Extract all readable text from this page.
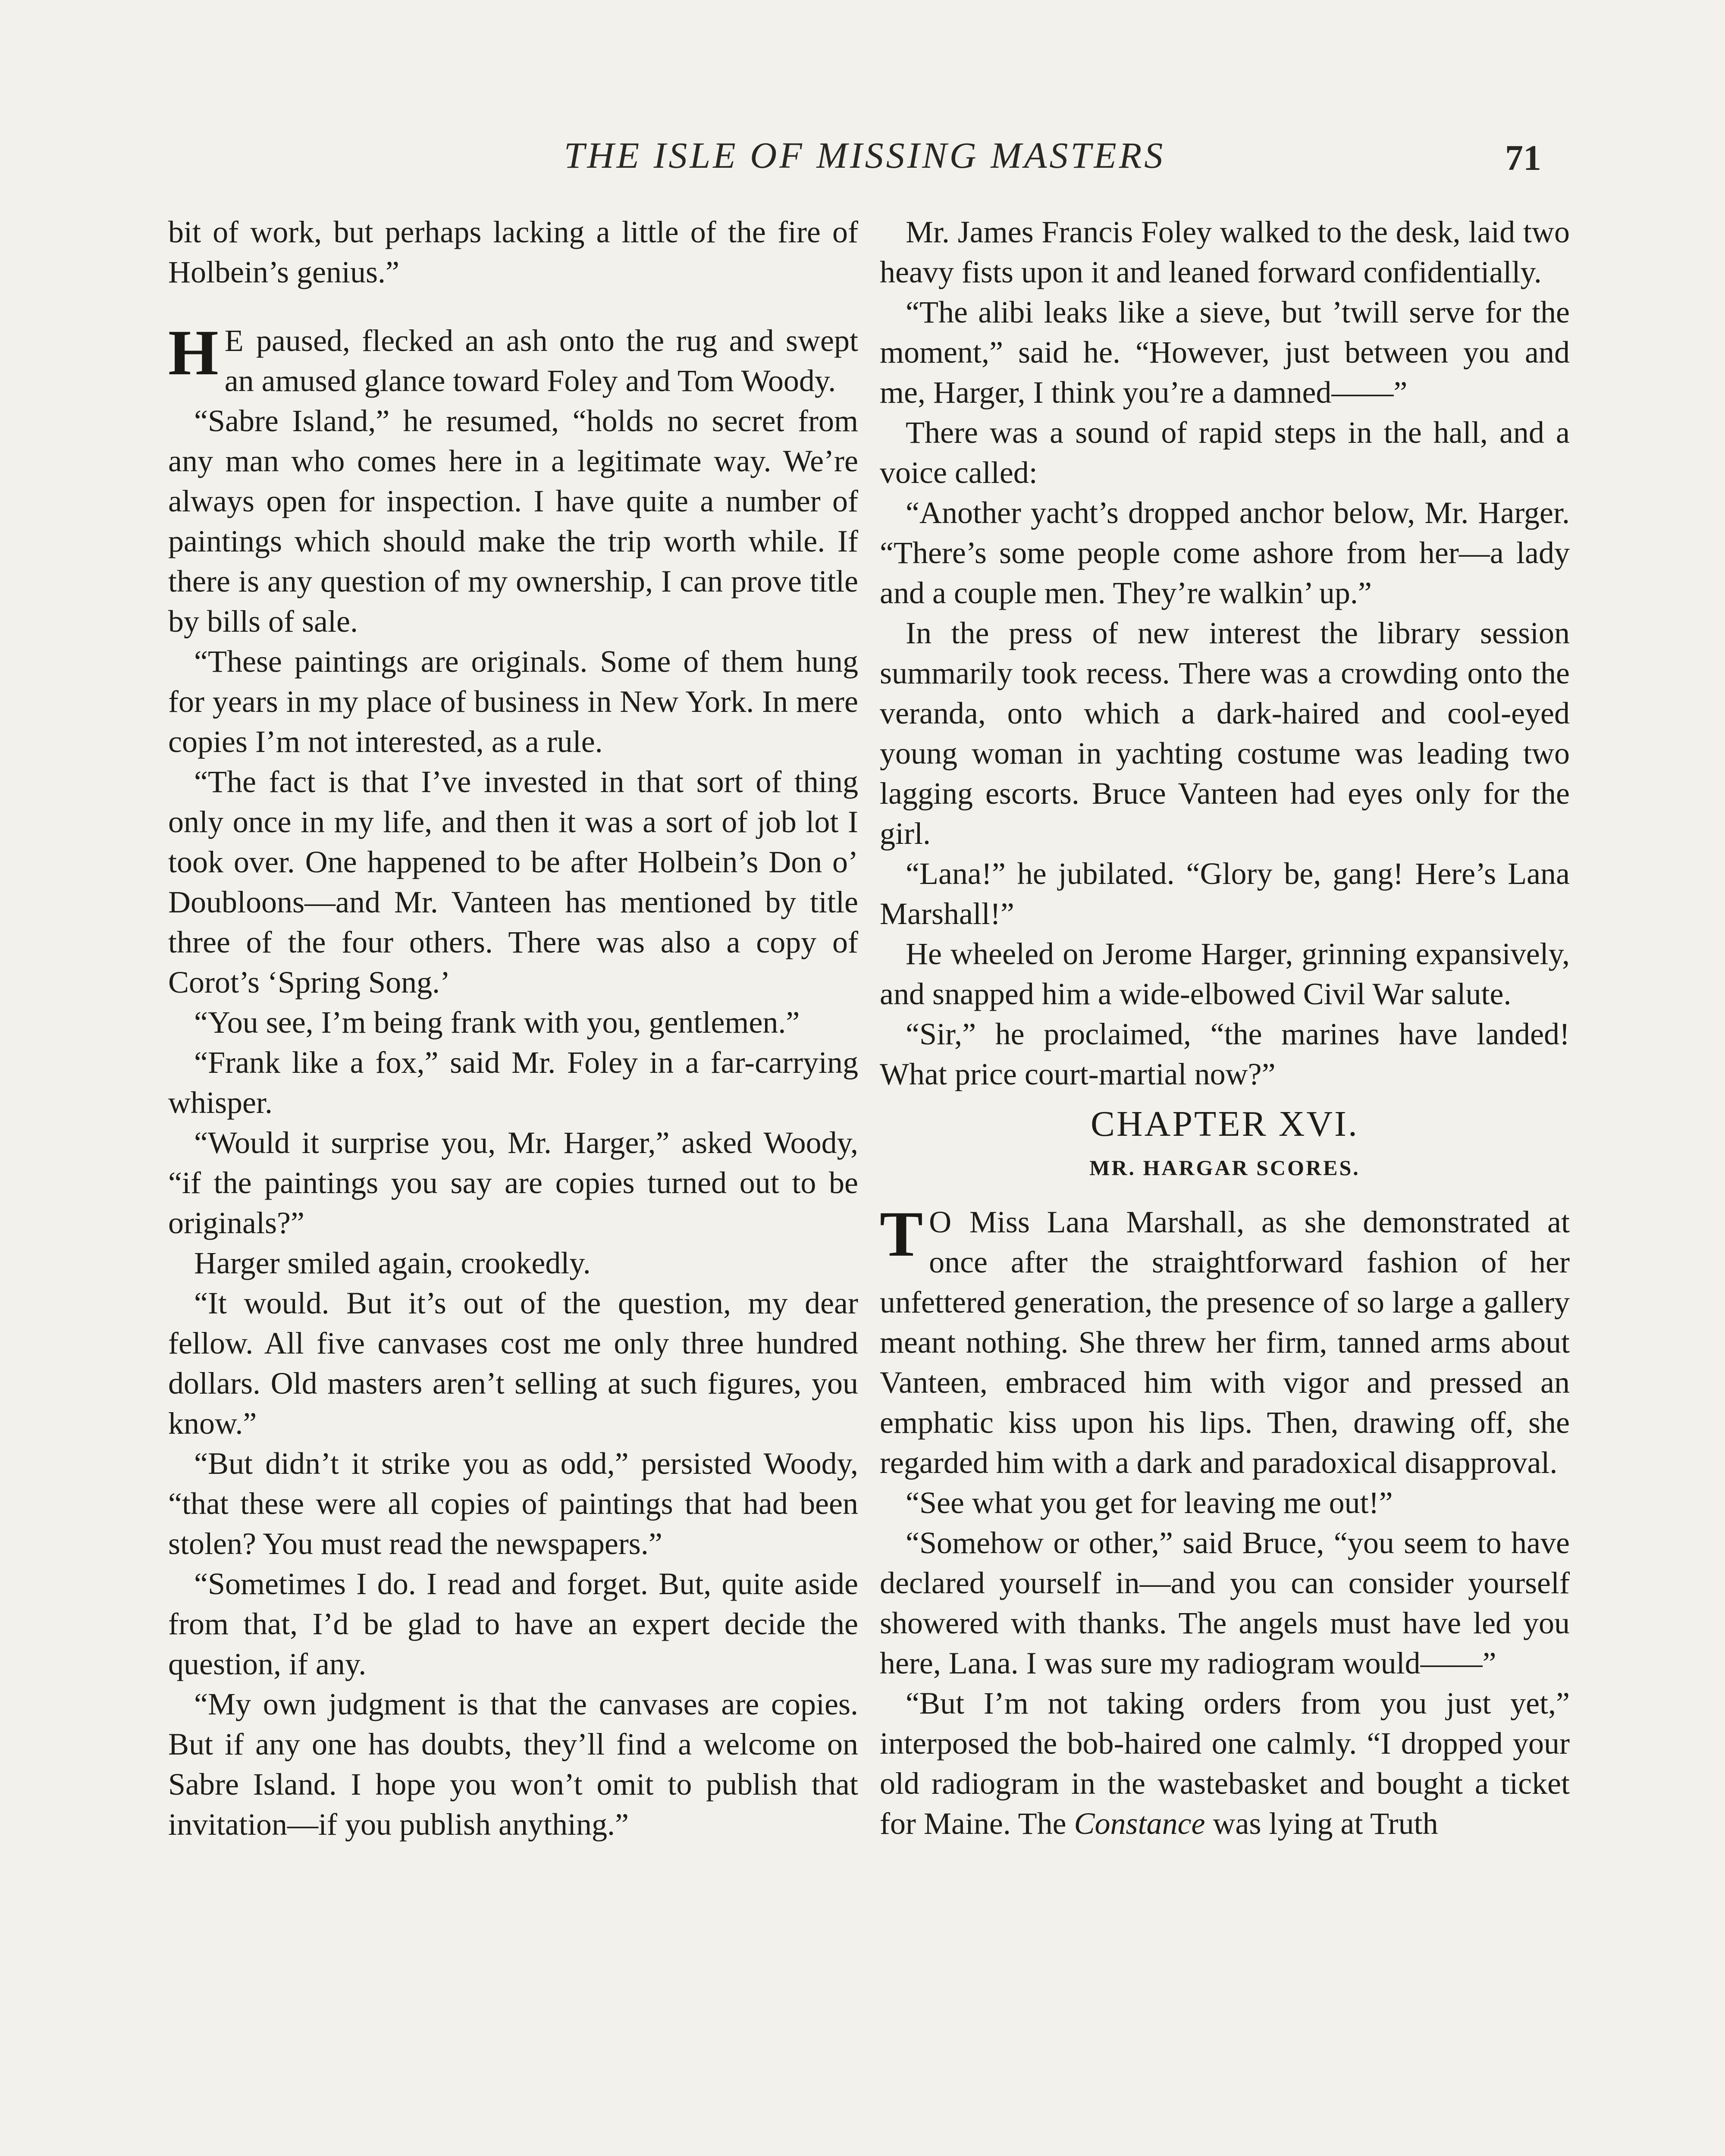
THE ISLE OF MISSING MASTERS	71

bit of work, but perhaps lacking a little of the fire of Holbein’s genius.”

H E paused, flecked an ash onto the rug and swept an amused glance toward Foley and Tom Woody.

“Sabre Island,” he resumed, “holds no secret from any man who comes here in a legitimate way. We’re always open for inspection. I have quite a number of paintings which should make the trip worth while. If there is any question of my ownership, I can prove title by bills of sale.

“These paintings are originals. Some of them hung for years in my place of business in New York. In mere copies I’m not interested, as a rule.

“The fact is that I’ve invested in that sort of thing only once in my life, and then it was a sort of job lot I took over. One happened to be after Holbein’s Don o’ Doubloons—and Mr. Vanteen has mentioned by title three of the four others. There was also a copy of Corot’s ‘Spring Song.’

“You see, I’m being frank with you, gentlemen.”

“Frank like a fox,” said Mr. Foley in a far-carrying whisper.

“Would it surprise you, Mr. Harger,” asked Woody, “if the paintings you say are copies turned out to be originals?”

Harger smiled again, crookedly.

“It would. But it’s out of the question, my dear fellow. All five canvases cost me only three hundred dollars. Old masters aren’t selling at such figures, you know.”

“But didn’t it strike you as odd,” persisted Woody, “that these were all copies of paintings that had been stolen? You must read the newspapers.”

“Sometimes I do. I read and forget. But, quite aside from that, I’d be glad to have an expert decide the question, if any.

“My own judgment is that the canvases are copies. But if any one has doubts, they’ll find a welcome on Sabre Island. I hope you won’t omit to publish that invitation—if you publish anything.”

Mr. James Francis Foley walked to the desk, laid two heavy fists upon it and leaned forward confidentially.

“The alibi leaks like a sieve, but ’twill serve for the moment,” said he. “However, just between you and me, Harger, I think you’re a damned——”

There was a sound of rapid steps in the hall, and a voice called:

“Another yacht’s dropped anchor below, Mr. Harger. “There’s some people come ashore from her—a lady and a couple men. They’re walkin’ up.”

In the press of new interest the library session summarily took recess. There was a crowding onto the veranda, onto which a dark-haired and cool-eyed young woman in yachting costume was leading two lagging escorts. Bruce Vanteen had eyes only for the girl.

“Lana!” he jubilated. “Glory be, gang! Here’s Lana Marshall!”

He wheeled on Jerome Harger, grinning expansively, and snapped him a wide-elbowed Civil War salute.

“Sir,” he proclaimed, “the marines have landed! What price court-martial now?”

CHAPTER XVI.
MR. HARGAR SCORES.

T O Miss Lana Marshall, as she demonstrated at once after the straightforward fashion of her unfettered generation, the presence of so large a gallery meant nothing. She threw her firm, tanned arms about Vanteen, embraced him with vigor and pressed an emphatic kiss upon his lips. Then, drawing off, she regarded him with a dark and paradoxical disapproval.

“See what you get for leaving me out!”

“Somehow or other,” said Bruce, “you seem to have declared yourself in—and you can consider yourself showered with thanks. The angels must have led you here, Lana. I was sure my radiogram would——”

“But I’m not taking orders from you just yet,” interposed the bob-haired one calmly. “I dropped your old radiogram in the wastebasket and bought a ticket for Maine. The Constance was lying at Truth
